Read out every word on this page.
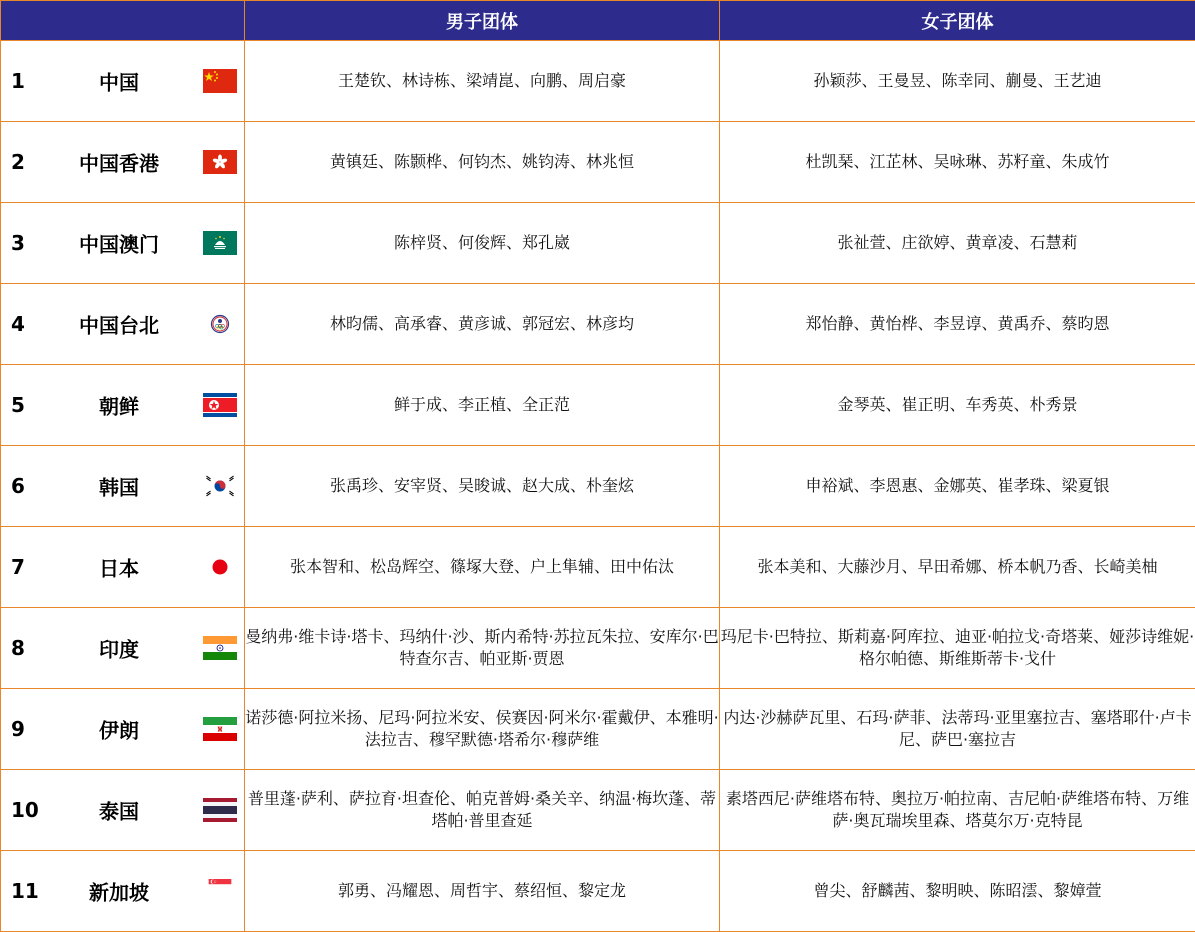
	男子团体	女子团体

1 中国	王楚钦、林诗栋、梁靖崑、向鹏、周启豪	孙颖莎、王曼昱、陈幸同、蒯曼、王艺迪

2 中国香港	黄镇廷、陈颢桦、何钧杰、姚钧涛、林兆恒	杜凯琹、江芷林、吴咏琳、苏籽童、朱成竹

3 中国澳门	陈梓贤、何俊辉、郑孔崴	张祉萱、庄欲婷、黄章凌、石慧莉

4 中国台北	林昀儒、高承睿、黄彦诚、郭冠宏、林彦均	郑怡静、黄怡桦、李昱谆、黄禹乔、蔡昀恩

5 朝鲜	鲜于成、李正植、全正范	金琴英、崔正明、车秀英、朴秀景

6 韩国	张禹珍、安宰贤、吴晙诚、赵大成、朴奎炫	申裕斌、李恩惠、金娜英、崔孝珠、梁夏银

7 日本	张本智和、松岛辉空、篠塚大登、户上隼辅、田中佑汰	张本美和、大藤沙月、早田希娜、桥本帆乃香、长崎美柚

8 印度	曼纳弗·维卡诗·塔卡、玛纳什·沙、斯内希特·苏拉瓦朱拉、安库尔·巴特查尔吉、帕亚斯·贾恩	玛尼卡·巴特拉、斯莉嘉·阿库拉、迪亚·帕拉戈·奇塔莱、娅莎诗维妮·格尔帕德、斯维斯蒂卡·戈什

9 伊朗	诺莎德·阿拉米扬、尼玛·阿拉米安、侯赛因·阿米尔·霍戴伊、本雅明·法拉吉、穆罕默德·塔希尔·穆萨维	内达·沙赫萨瓦里、石玛·萨菲、法蒂玛·亚里塞拉吉、塞塔耶什·卢卡尼、萨巴·塞拉吉

10 泰国	普里蓬·萨利、萨拉育·坦查伦、帕克普姆·桑关辛、纳温·梅坎蓬、蒂塔帕·普里查延	素塔西尼·萨维塔布特、奥拉万·帕拉南、吉尼帕·萨维塔布特、万维萨·奥瓦瑞埃里森、塔莫尔万·克特昆

11 新加坡	郭勇、冯耀恩、周哲宇、蔡绍恒、黎定龙	曾尖、舒麟茜、黎明映、陈昭澐、黎嫜萱
